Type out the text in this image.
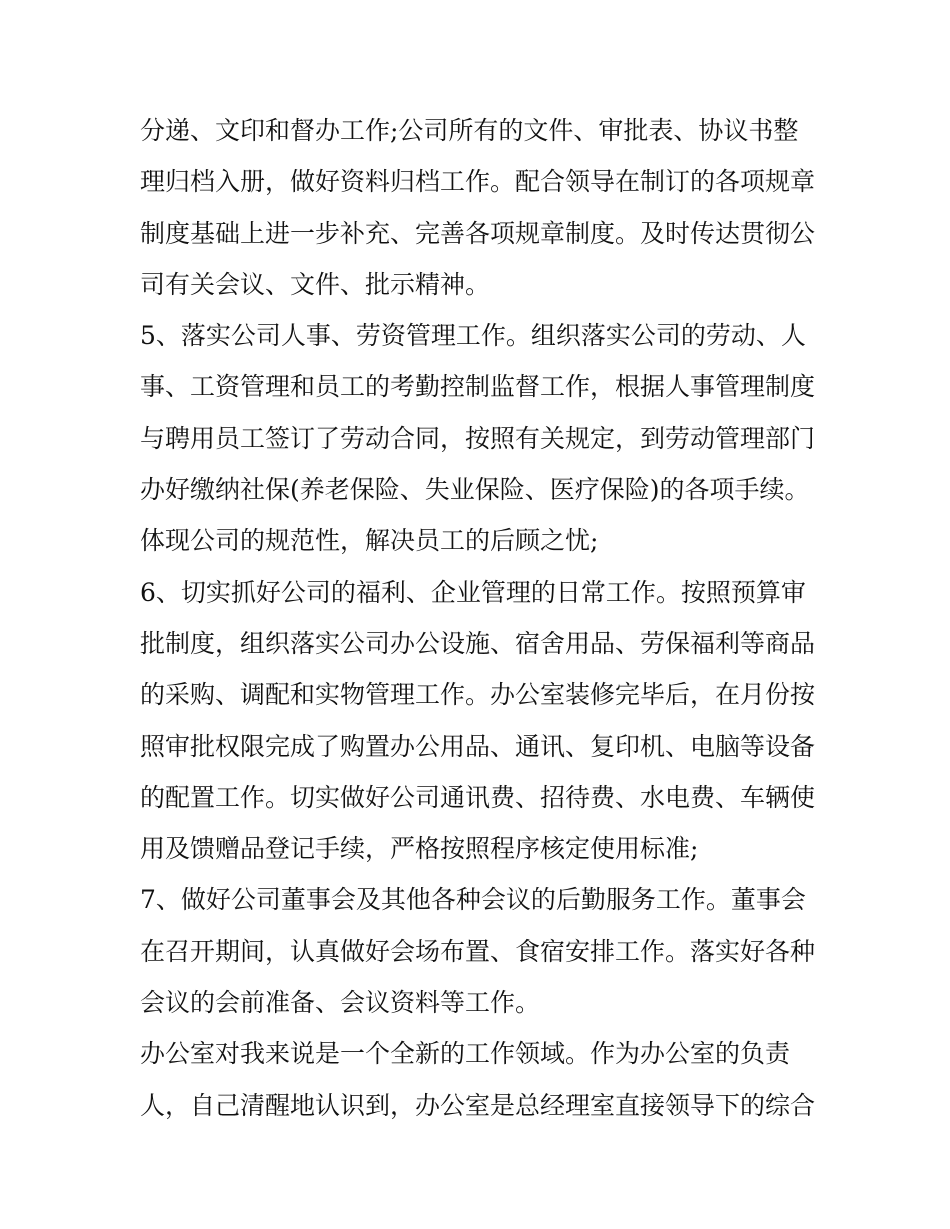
分递、文印和督办工作;公司所有的文件、审批表、协议书整
理归档入册，做好资料归档工作。配合领导在制订的各项规章
制度基础上进一步补充、完善各项规章制度。及时传达贯彻公
司有关会议、文件、批示精神。
5、落实公司人事、劳资管理工作。组织落实公司的劳动、人
事、工资管理和员工的考勤控制监督工作，根据人事管理制度
与聘用员工签订了劳动合同，按照有关规定，到劳动管理部门
办好缴纳社保(养老保险、失业保险、医疗保险)的各项手续。
体现公司的规范性，解决员工的后顾之忧;
6、切实抓好公司的福利、企业管理的日常工作。按照预算审
批制度，组织落实公司办公设施、宿舍用品、劳保福利等商品
的采购、调配和实物管理工作。办公室装修完毕后，在月份按
照审批权限完成了购置办公用品、通讯、复印机、电脑等设备
的配置工作。切实做好公司通讯费、招待费、水电费、车辆使
用及馈赠品登记手续，严格按照程序核定使用标准;
7、做好公司董事会及其他各种会议的后勤服务工作。董事会
在召开期间，认真做好会场布置、食宿安排工作。落实好各种
会议的会前准备、会议资料等工作。
办公室对我来说是一个全新的工作领域。作为办公室的负责
人，自己清醒地认识到，办公室是总经理室直接领导下的综合
